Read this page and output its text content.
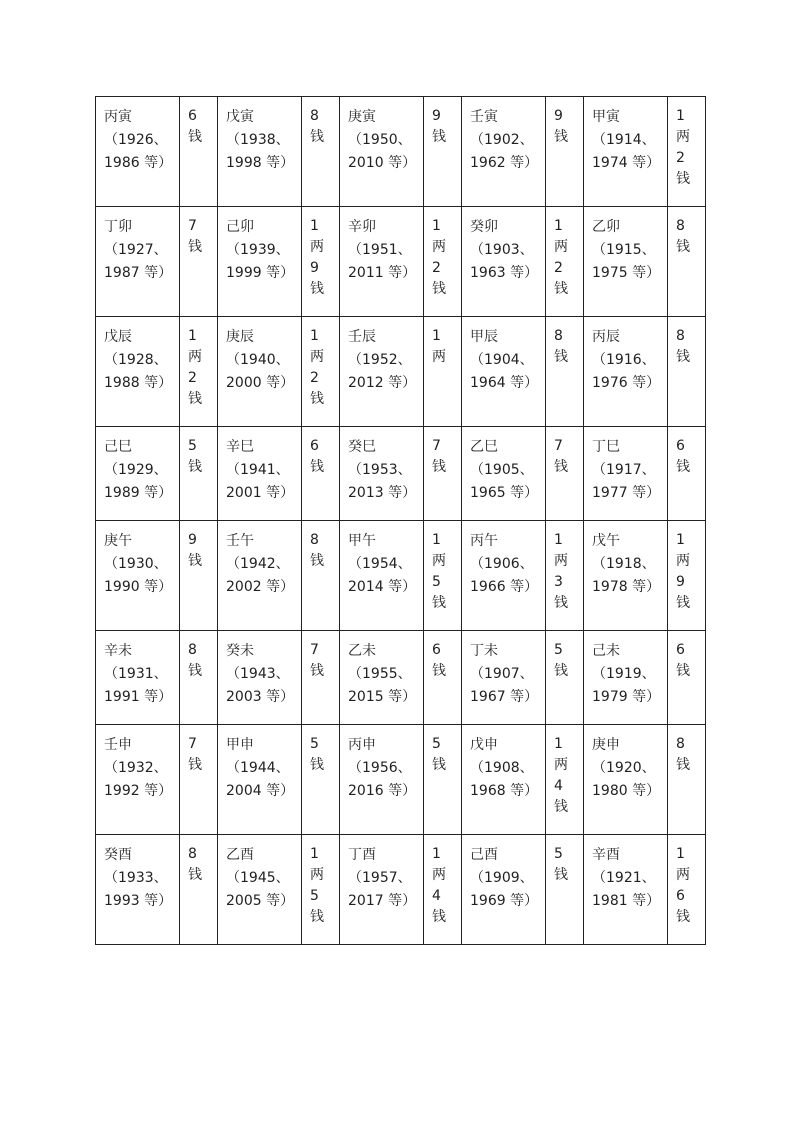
丙寅
（1926、
1986 等）	6钱	戊寅
（1938、
1998 等）	8钱	庚寅
（1950、
2010 等）	9钱	壬寅
（1902、
1962 等）	9钱	甲寅
（1914、
1974 等）	1两2钱

丁卯
（1927、
1987 等）	7钱	己卯
（1939、
1999 等）	1两9钱	辛卯
（1951、
2011 等）	1两2钱	癸卯
（1903、
1963 等）	1两2钱	乙卯
（1915、
1975 等）	8钱

戊辰
（1928、
1988 等）	1两2钱	庚辰
（1940、
2000 等）	1两2钱	壬辰
（1952、
2012 等）	1两	甲辰
（1904、
1964 等）	8钱	丙辰
（1916、
1976 等）	8钱

己巳
（1929、
1989 等）	5钱	辛巳
（1941、
2001 等）	6钱	癸巳
（1953、
2013 等）	7钱	乙巳
（1905、
1965 等）	7钱	丁巳
（1917、
1977 等）	6钱

庚午
（1930、
1990 等）	9钱	壬午
（1942、
2002 等）	8钱	甲午
（1954、
2014 等）	1两5钱	丙午
（1906、
1966 等）	1两3钱	戊午
（1918、
1978 等）	1两9钱

辛未
（1931、
1991 等）	8钱	癸未
（1943、
2003 等）	7钱	乙未
（1955、
2015 等）	6钱	丁未
（1907、
1967 等）	5钱	己未
（1919、
1979 等）	6钱

壬申
（1932、
1992 等）	7钱	甲申
（1944、
2004 等）	5钱	丙申
（1956、
2016 等）	5钱	戊申
（1908、
1968 等）	1两4钱	庚申
（1920、
1980 等）	8钱

癸酉
（1933、
1993 等）	8钱	乙酉
（1945、
2005 等）	1两5钱	丁酉
（1957、
2017 等）	1两4钱	己酉
（1909、
1969 等）	5钱	辛酉
（1921、
1981 等）	1两6钱
